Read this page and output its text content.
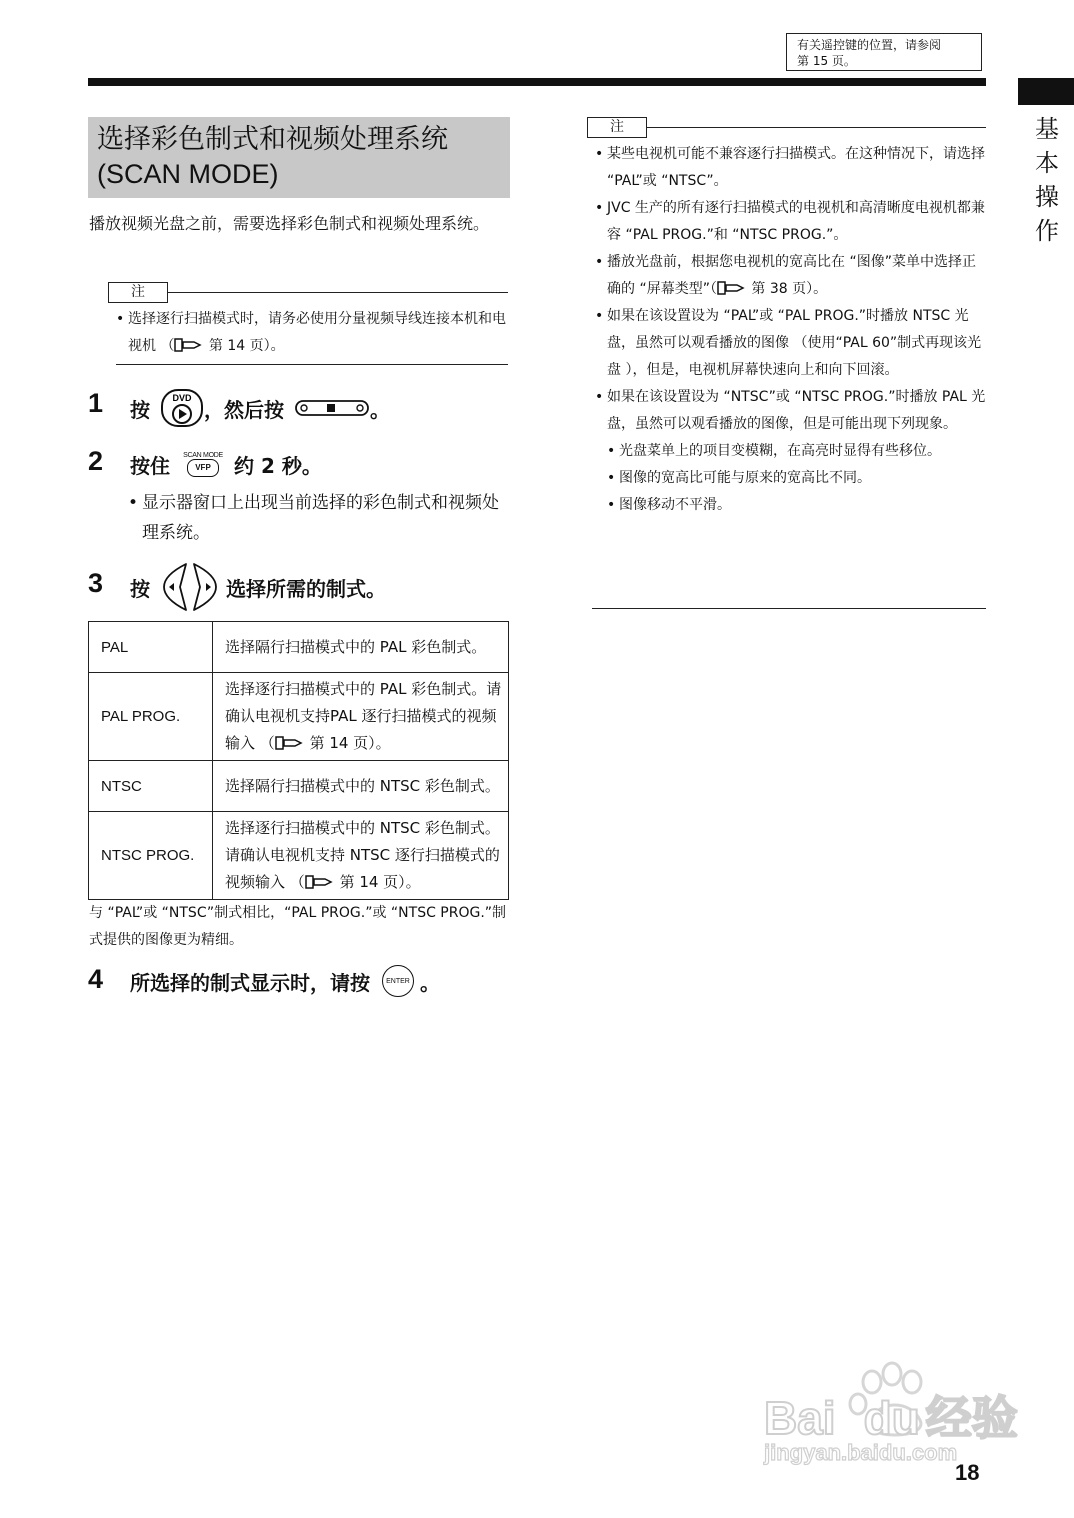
有关遥控键的位置，请参阅
第 15 页。
基
本
操
作
选择彩色制式和视频处理系统
(SCAN MODE)
播放视频光盘之前，需要选择彩色制式和视频处理系统。
注
• 选择逐行扫描模式时，请务必使用分量视频导线连接本机和电视机 （ 第 14 页）。
1 按 DVD ，然后按	。
2 按住 SCAN MODE
VFP	约 2 秒。
• 显示器窗口上出现当前选择的彩色制式和视频处理系统。
3 按	选择所需的制式。
PAL	选择隔行扫描模式中的 PAL 彩色制式。
PAL PROG.	选择逐行扫描模式中的 PAL 彩色制式。请确认电视机支持PAL 逐行扫描模式的视频输入 （ 第 14 页）。
NTSC	选择隔行扫描模式中的 NTSC 彩色制式。
NTSC PROG.	选择逐行扫描模式中的 NTSC 彩色制式。请确认电视机支持 NTSC 逐行扫描模式的视频输入 （ 第 14 页）。
与 “PAL”或 “NTSC”制式相比，“PAL PROG.”或 “NTSC PROG.”制式提供的图像更为精细。
4 所选择的制式显示时，请按	ENTER 。
注
• 某些电视机可能不兼容逐行扫描模式。在这种情况下，请选择 “PAL”或 “NTSC”。
• JVC 生产的所有逐行扫描模式的电视机和高清晰度电视机都兼容 “PAL PROG.”和 “NTSC PROG.”。
• 播放光盘前，根据您电视机的宽高比在 “图像”菜单中选择正确的 “屏幕类型”（ 第 38 页）。
• 如果在该设置设为 “PAL”或 “PAL PROG.”时播放 NTSC 光盘，虽然可以观看播放的图像 （使用“PAL 60”制式再现该光盘 ），但是，电视机屏幕快速向上和向下回滚。
• 如果在该设置设为 “NTSC”或 “NTSC PROG.”时播放 PAL 光盘，虽然可以观看播放的图像，但是可能出现下列现象。
• 光盘菜单上的项目变模糊，在高亮时显得有些移位。
• 图像的宽高比可能与原来的宽高比不同。
• 图像移动不平滑。
Bai du 经验
jingyan.baidu.com
18
